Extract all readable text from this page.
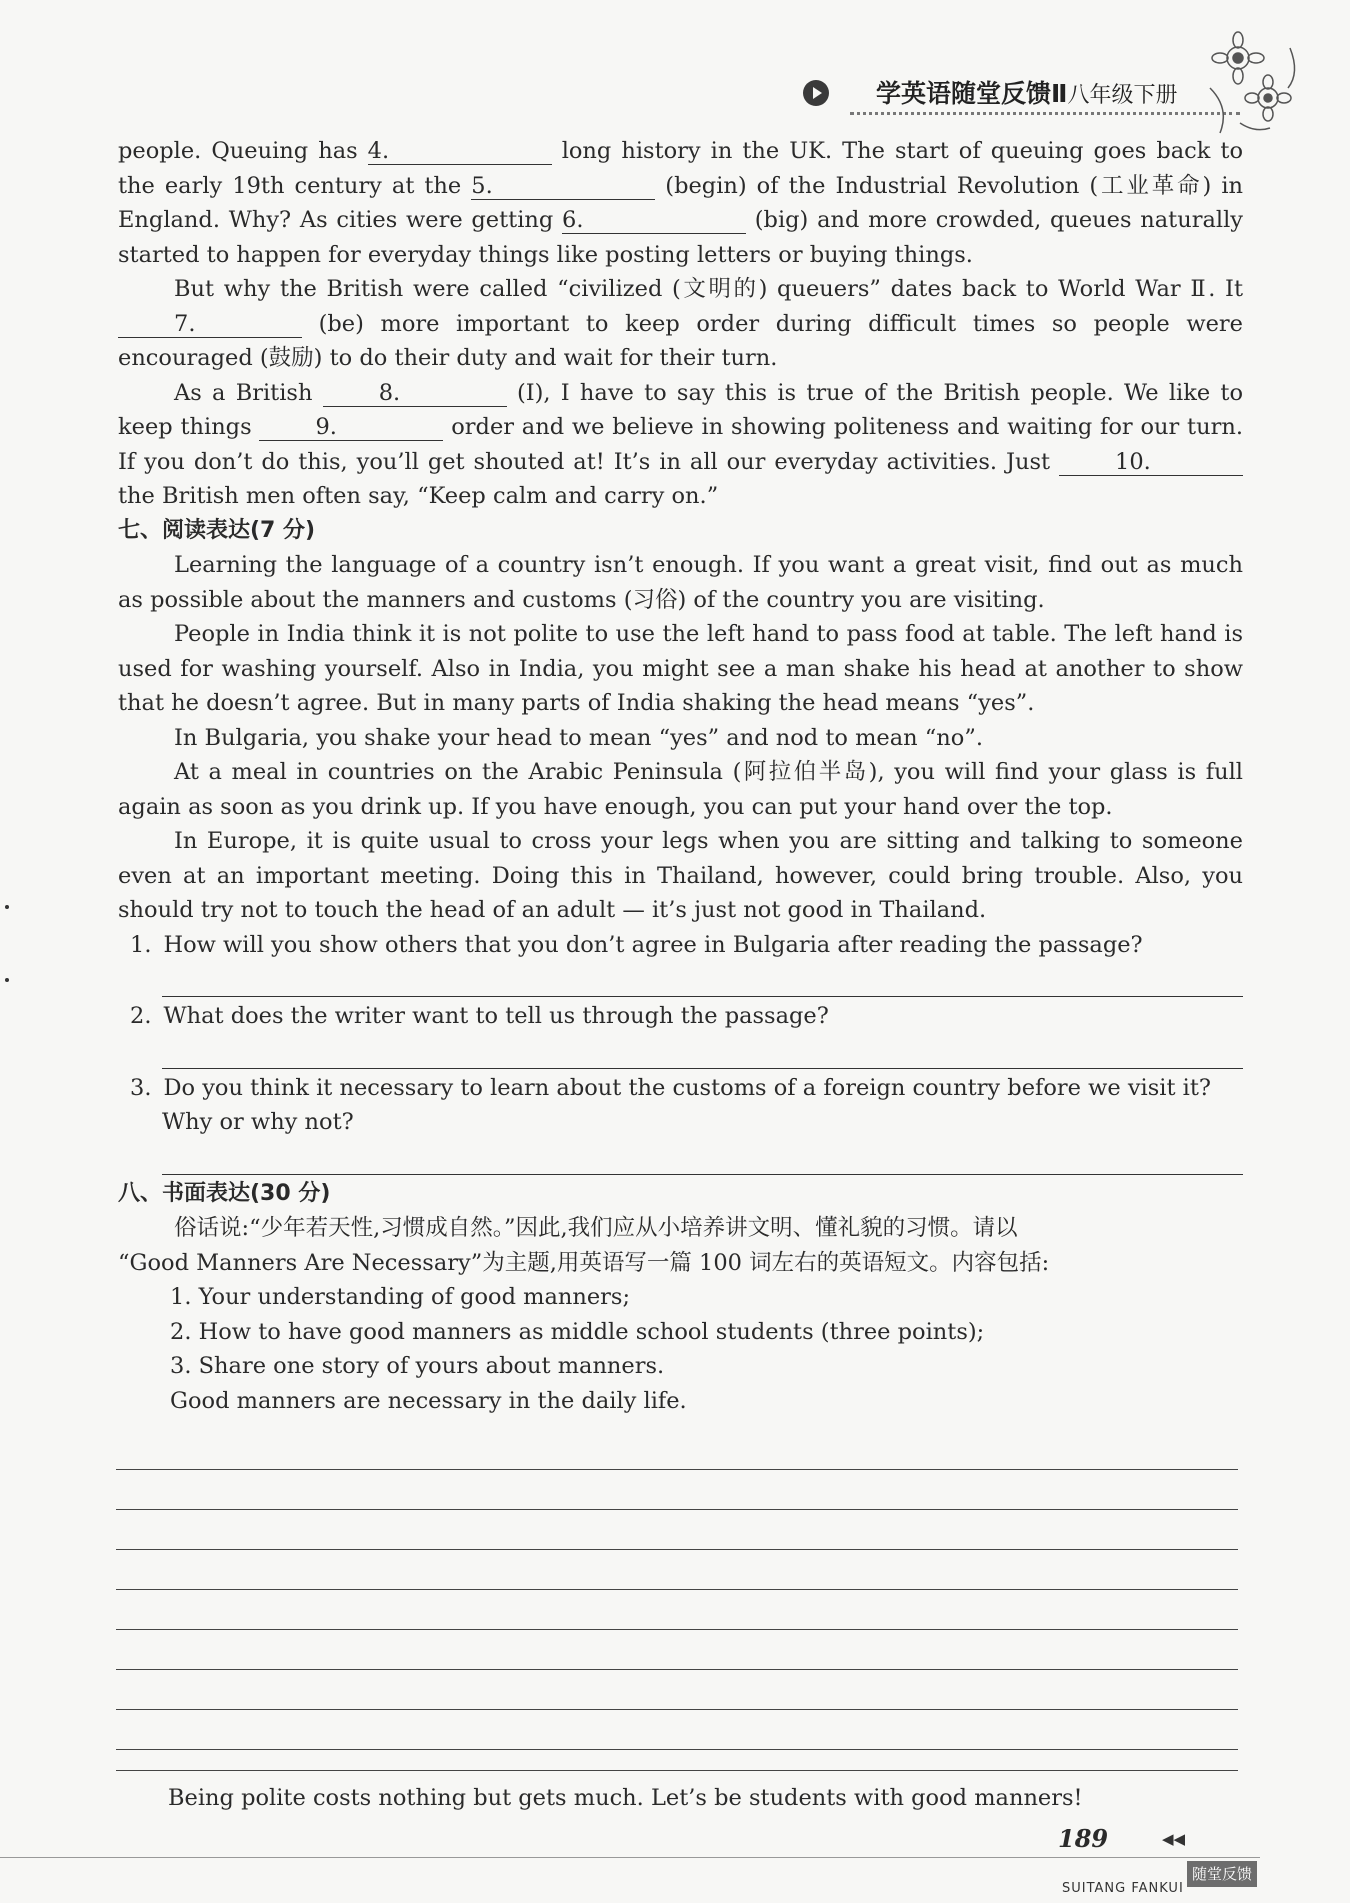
学英语随堂反馈Ⅱ八年级下册

people. Queuing has 4.	long history in the UK. The start of queuing goes back to the early 19th century at the 5.	(begin) of the Industrial Revolution (工业革命) in England. Why? As cities were getting 6.	(big) and more crowded, queues naturally started to happen for everyday things like posting letters or buying things.

But why the British were called “civilized (文明的) queuers” dates back to World War Ⅱ. It 7.	(be) more important to keep order during difficult times so people were encouraged (鼓励) to do their duty and wait for their turn.

As a British 8.	(I), I have to say this is true of the British people. We like to keep things 9.	order and we believe in showing politeness and waiting for our turn. If you don’t do this, you’ll get shouted at! It’s in all our everyday activities. Just 10. the British men often say, “Keep calm and carry on.”

七、阅读表达(7 分)

Learning the language of a country isn’t enough. If you want a great visit, find out as much as possible about the manners and customs (习俗) of the country you are visiting.

People in India think it is not polite to use the left hand to pass food at table. The left hand is used for washing yourself. Also in India, you might see a man shake his head at another to show that he doesn’t agree. But in many parts of India shaking the head means “yes”.

In Bulgaria, you shake your head to mean “yes” and nod to mean “no”.

At a meal in countries on the Arabic Peninsula (阿拉伯半岛), you will find your glass is full again as soon as you drink up. If you have enough, you can put your hand over the top.

In Europe, it is quite usual to cross your legs when you are sitting and talking to someone even at an important meeting. Doing this in Thailand, however, could bring trouble. Also, you should try not to touch the head of an adult — it’s just not good in Thailand.

1. How will you show others that you don’t agree in Bulgaria after reading the passage?
2. What does the writer want to tell us through the passage?
3. Do you think it necessary to learn about the customs of a foreign country before we visit it?
Why or why not?
八、书面表达(30 分)

俗话说:“少年若天性,习惯成自然。”因此,我们应从小培养讲文明、懂礼貌的习惯。请以

“Good Manners Are Necessary”为主题,用英语写一篇 100 词左右的英语短文。内容包括:

1. Your understanding of good manners;
2. How to have good manners as middle school students (three points);
3. Share one story of yours about manners.
Good manners are necessary in the daily life.
Being polite costs nothing but gets much. Let’s be students with good manners!
189	◀◀
SUITANG FANKUI
随堂反馈
